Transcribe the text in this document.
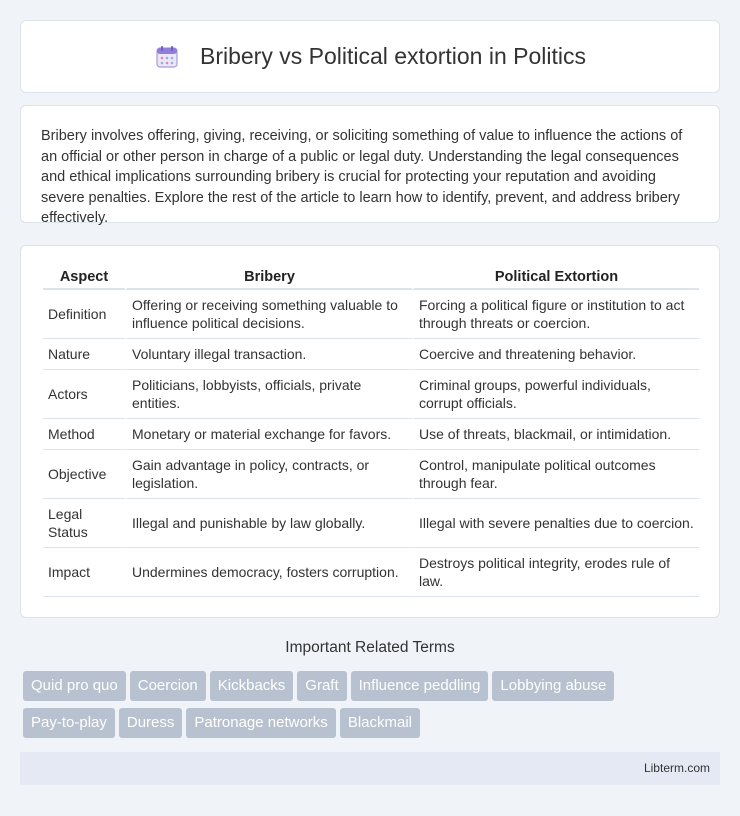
Bribery vs Political extortion in Politics

Bribery involves offering, giving, receiving, or soliciting something of value to influence the actions of an official or other person in charge of a public or legal duty. Understanding the legal consequences and ethical implications surrounding bribery is crucial for protecting your reputation and avoiding severe penalties. Explore the rest of the article to learn how to identify, prevent, and address bribery effectively.

Aspect	Bribery	Political Extortion
Definition	Offering or receiving something valuable to influence political decisions.	Forcing a political figure or institution to act through threats or coercion.
Nature	Voluntary illegal transaction.	Coercive and threatening behavior.
Actors	Politicians, lobbyists, officials, private entities.	Criminal groups, powerful individuals, corrupt officials.
Method	Monetary or material exchange for favors.	Use of threats, blackmail, or intimidation.
Objective	Gain advantage in policy, contracts, or legislation.	Control, manipulate political outcomes through fear.
Legal Status	Illegal and punishable by law globally.	Illegal with severe penalties due to coercion.
Impact	Undermines democracy, fosters corruption.	Destroys political integrity, erodes rule of law.
Important Related Terms
Quid pro quo Coercion Kickbacks Graft Influence peddling Lobbying abuse
Pay-to-play Duress Patronage networks Blackmail
Libterm.com
